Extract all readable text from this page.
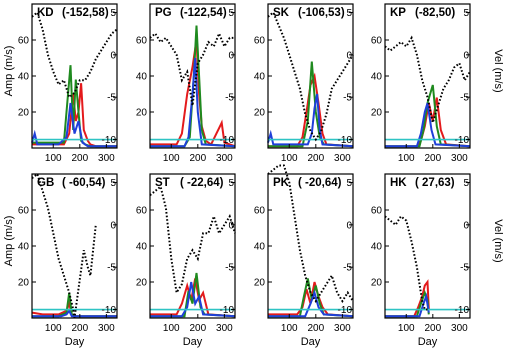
Amp (m/s)
Amp (m/s)
Vel (m/s)
Vel (m/s)
20
40
60
-10
-5
0
5
100 200 300
KD (-152,58)
20
40
60
-10
-5
0
5
100 200 300
PG (-122,54)
20
40
60
-10
-5
0
5
100 200 300
SK (-106,53)
20
40
60
-10
-5
0
5
100 200 300
KP (-82,50)
20
40
60
-10
-5
0
5
100 200 300
GB ( -60,54)
Day
20
40
60
-10
-5
0
5
100 200 300
ST ( -22,64)
Day
20
40
60
-10
-5
0
5
100 200 300
PK ( -20,64)
Day
20
40
60
-10
-5
0
5
100 200 300
HK ( 27,63)
Day
